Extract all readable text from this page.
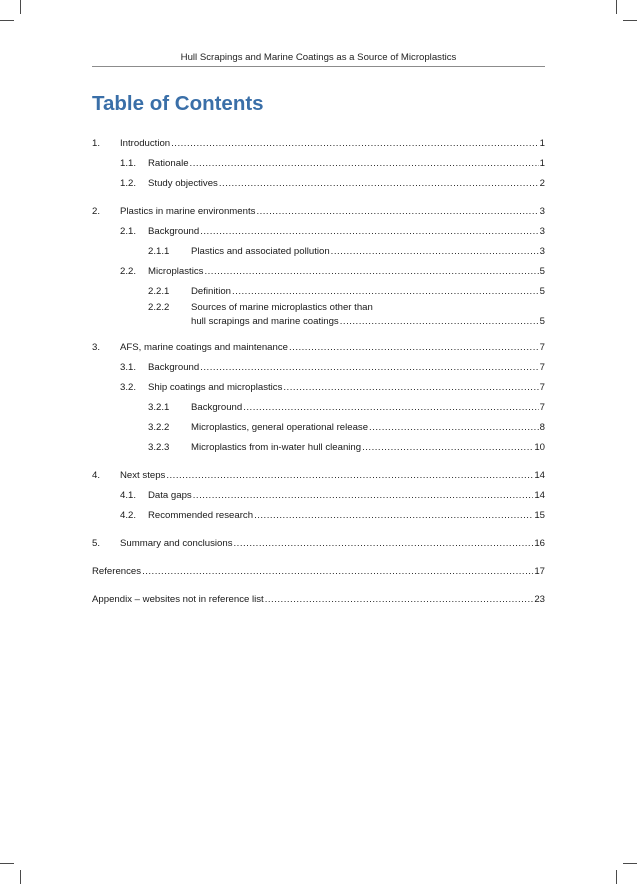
Hull Scrapings and Marine Coatings as a Source of Microplastics
Table of Contents
1. Introduction .....	1
1.1. Rationale .....	1
1.2. Study objectives .....	2
2. Plastics in marine environments .....	3
2.1. Background .....	3
2.1.1 Plastics and associated pollution .....	3
2.2. Microplastics .....	5
2.2.1 Definition .....	5
2.2.2 Sources of marine microplastics other than
hull scrapings and marine coatings .....	5
3. AFS, marine coatings and maintenance .....	7
3.1. Background .....	7
3.2. Ship coatings and microplastics .....	7
3.2.1 Background .....	7
3.2.2 Microplastics, general operational release .....	8
3.2.3 Microplastics from in-water hull cleaning .....	10
4. Next steps .....	14
4.1. Data gaps .....	14
4.2. Recommended research .....	15
5. Summary and conclusions .....	16
References .....	17
Appendix – websites not in reference list .....	23
